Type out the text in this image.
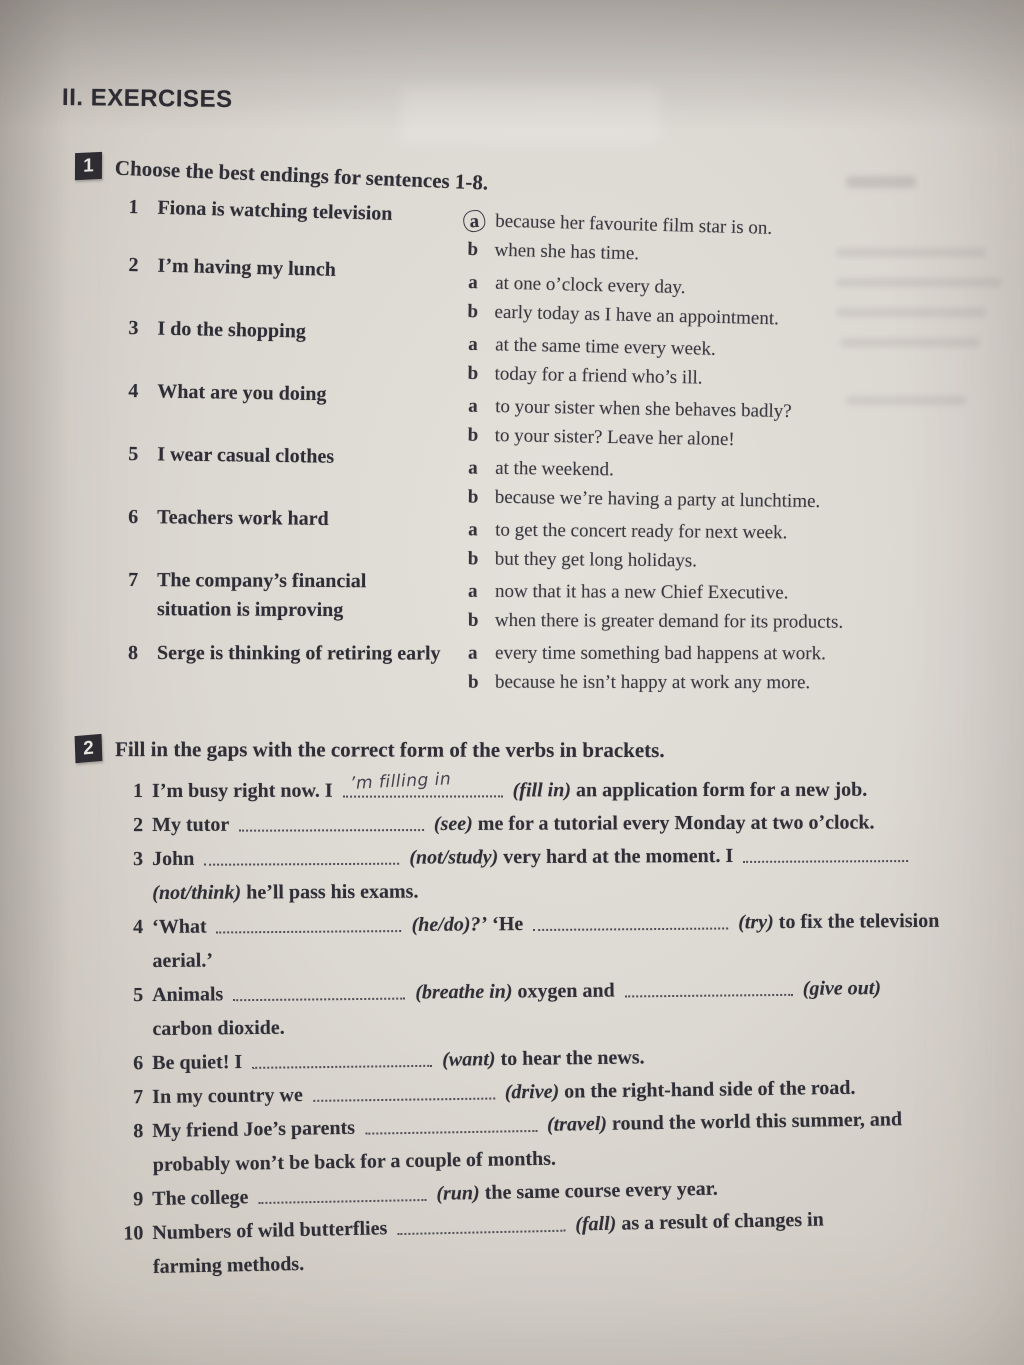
II. EXERCISES
1 Choose the best endings for sentences 1-8.
1 Fiona is watching television	a because her favourite film star is on.
b when she has time.
2 I’m having my lunch
a at one o’clock every day.
b early today as I have an appointment.
3 I do the shopping
a at the same time every week.
b today for a friend who’s ill.
4 What are you doing
a to your sister when she behaves badly?
b to your sister? Leave her alone!
5 I wear casual clothes
a at the weekend.
b because we’re having a party at lunchtime.
6 Teachers work hard	a to get the concert ready for next week.
b but they get long holidays.
7 The company’s financial
situation is improving
a now that it has a new Chief Executive.
b when there is greater demand for its products.
8 Serge is thinking of retiring early a every time something bad happens at work.
b because he isn’t happy at work any more.
2 Fill in the gaps with the correct form of the verbs in brackets.
1 I’m busy right now. I ’m filling in	(fill in) an application form for a new job.
2 My tutor	(see) me for a tutorial every Monday at two o’clock.
3 John	(not/study) very hard at the moment. I
(not/think) he’ll pass his exams.
4 ‘What	(he/do)?’ ‘He	(try) to fix the television
aerial.’
5 Animals	(breathe in) oxygen and	(give out)
carbon dioxide.
6 Be quiet! I	(want) to hear the news.
7 In my country we	(drive) on the right-hand side of the road.
8 My friend Joe’s parents	(travel) round the world this summer, and
probably won’t be back for a couple of months.
9 The college	(run) the same course every year.
10 Numbers of wild butterflies	(fall) as a result of changes in
farming methods.
